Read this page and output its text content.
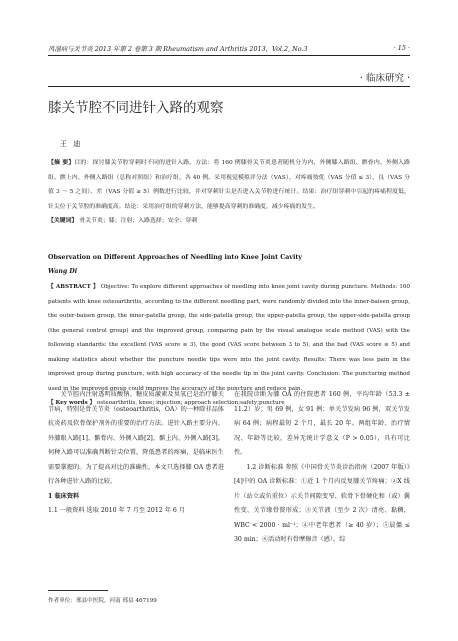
风湿病与关节炎 2013 年第 2 卷第 3 期 Rheumatism and Arthritis 2013，Vol.2, No.3	· 15 ·
· 临床研究 ·
膝关节腔不同进针入路的观察
王 迪
【摘 要】目的：探讨膝关节腔穿刺时不同的进针入路。方法：将 160 例膝骨关节炎患者随机分为内、外侧膝入路组、髌骨内、外侧入路组、髌上内、外侧入路组（总称对照组）和治疗组，各 40 例。采用视觉模拟评分法（VAS），对疼痛按优（VAS 分值 ≤ 3）、良（VAS 分值 3 ～ 5 之间）、差（VAS 分值 ≥ 5）例数进行比较，并对穿刺针尖是否进入关节腔进行统计。结果：治疗组穿刺中引起的疼痛程度低，针尖位于关节腔的准确度高。结论：采用治疗组的穿刺方法，能够提高穿刺的准确度，减少疼痛的发生。
【关键词】 骨关节炎；膝；注射；入路选择；安全；穿刺
Observation on Different Approaches of Needling into Knee Joint Cavity
Wang Di
【 ABSTRACT 】 Objective: To explore different approaches of needling into knee joint cavity during puncture. Methods: 160 patients with knee osteoarthritis, according to the different needling part, were randomly divided into the inner-baisen group, the outer-baisen group, the inner-patella group, the side-patella group, the upper-patella group, the upper-side-patella group (the general control group) and the improved group, comparing pain by the visual analogue scale method (VAS) with the following standards: the excellent (VAS score ≤ 3), the good (VAS score between 3 to 5), and the bad (VAS score ≥ 5) and making statistics about whether the puncture needle tips were into the joint cavity. Results: There was less pain in the improved group during puncture, with high accuracy of the needle tip in the joint cavity. Conclusion: The puncturing method used in the improved group could improve the accuracy of the puncture and reduce pain.
【 Key words 】 osteoarthritis, knee; injection; approach selection;safety;puncture

关节腔内注射透明质酸钠、糖皮质激素及臭氧已是治疗膝关节病，特别是骨关节炎（osteoarthritis，OA）的一种除非品体抗炎药及软骨保护剂外的重要的治疗方法。进针入路主要分内、外膝眼入路[1]、髌骨内、外侧入路[2]、髌上内、外侧入路[3]。何种入路可以准确判断针尖位置、降低患者的疼痛，是临床医生需要掌握的。为了提高对比的准确性，本文只选择膝 OA 患者进行各种进针入路的比较。

1 临床资料

1.1 一般资料 选取 2010 年 7 月至 2012 年 6 月

在我院诊断为膝 OA 的住院患者 160 例，平均年龄（53.3 ± 11.2）岁；男 69 例，女 91 例；单关节发病 96 例，双关节发病 64 例；病程最短 2 个月，最长 20 年。两组年龄、治疗情况、年龄等比较，差异无统计学意义（P > 0.05），具有可比性。

1.2 诊断标准 参照《中国骨关节炎诊治指南（2007 年版）》[4]中的 OA 诊断标准：①近 1 个月内反复膝关节疼痛；②X 线片（站立或负重位）示关节间隙变窄、软骨下骨硬化和（或）囊性变、关节缘骨赘形成；③关节液（至少 2 次）清亮、黏稠，WBC < 2000 · ml⁻¹；④中老年患者（≥ 40 岁）；⑤晨僵 ≤ 30 min；⑥活动时有骨摩擦音（感）。综

作者单位：邢县中医院，河南 邢县 467199
